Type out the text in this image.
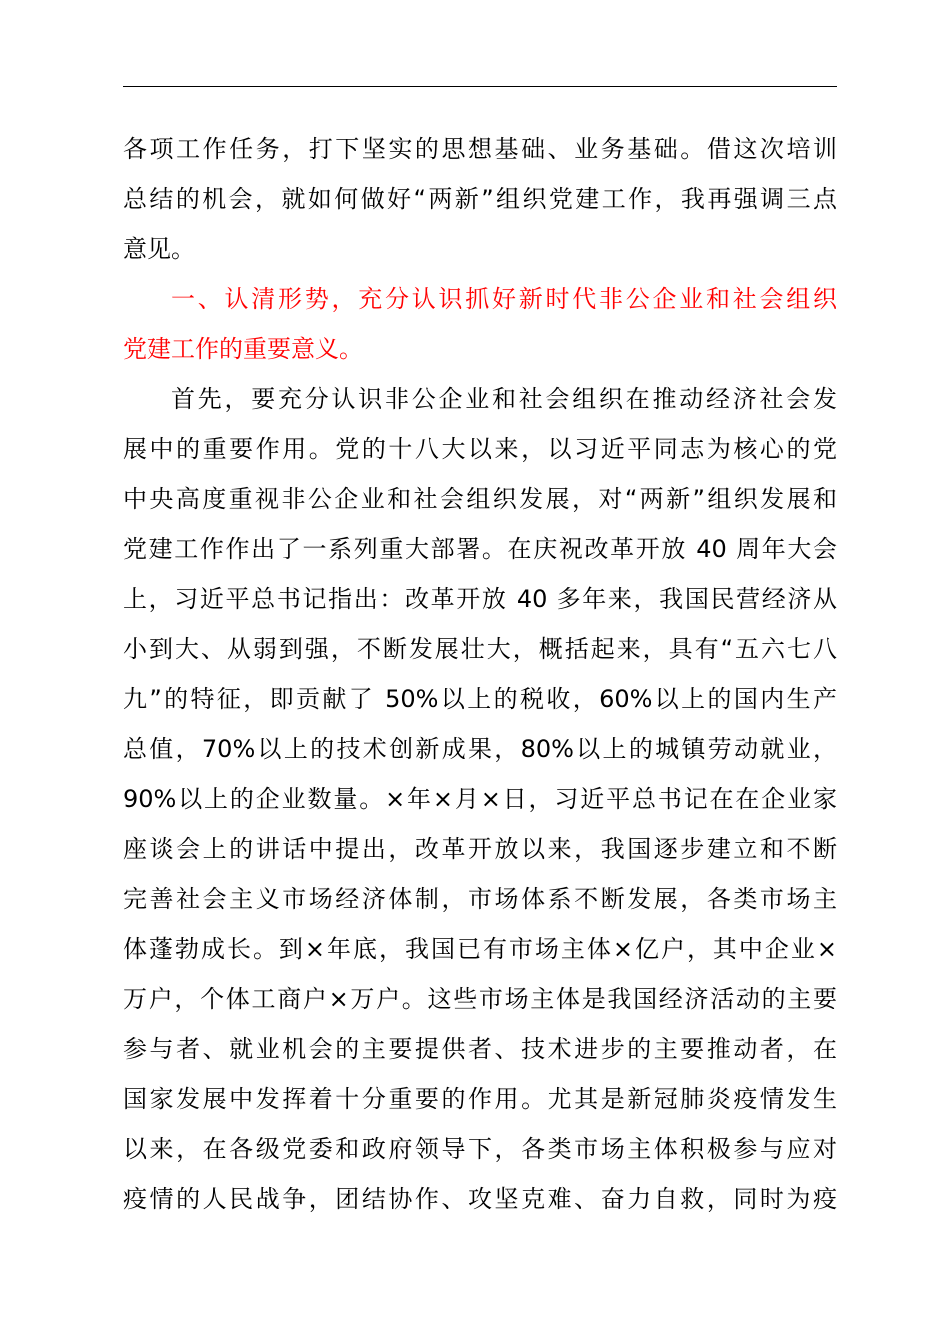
各项工作任务，打下坚实的思想基础、业务基础。借这次培训
总结的机会，就如何做好“两新”组织党建工作，我再强调三点
意见。
一、认清形势，充分认识抓好新时代非公企业和社会组织
党建工作的重要意义。
首先，要充分认识非公企业和社会组织在推动经济社会发
展中的重要作用。党的十八大以来，以习近平同志为核心的党
中央高度重视非公企业和社会组织发展，对“两新”组织发展和
党建工作作出了一系列重大部署。在庆祝改革开放 40 周年大会
上，习近平总书记指出：改革开放 40 多年来，我国民营经济从
小到大、从弱到强，不断发展壮大，概括起来，具有“五六七八
九”的特征，即贡献了 50%以上的税收，60%以上的国内生产
总值，70%以上的技术创新成果，80%以上的城镇劳动就业，
90%以上的企业数量。×年×月×日，习近平总书记在在企业家
座谈会上的讲话中提出，改革开放以来，我国逐步建立和不断
完善社会主义市场经济体制，市场体系不断发展，各类市场主
体蓬勃成长。到×年底，我国已有市场主体×亿户，其中企业×
万户，个体工商户×万户。这些市场主体是我国经济活动的主要
参与者、就业机会的主要提供者、技术进步的主要推动者，在
国家发展中发挥着十分重要的作用。尤其是新冠肺炎疫情发生
以来，在各级党委和政府领导下，各类市场主体积极参与应对
疫情的人民战争，团结协作、攻坚克难、奋力自救，同时为疫
